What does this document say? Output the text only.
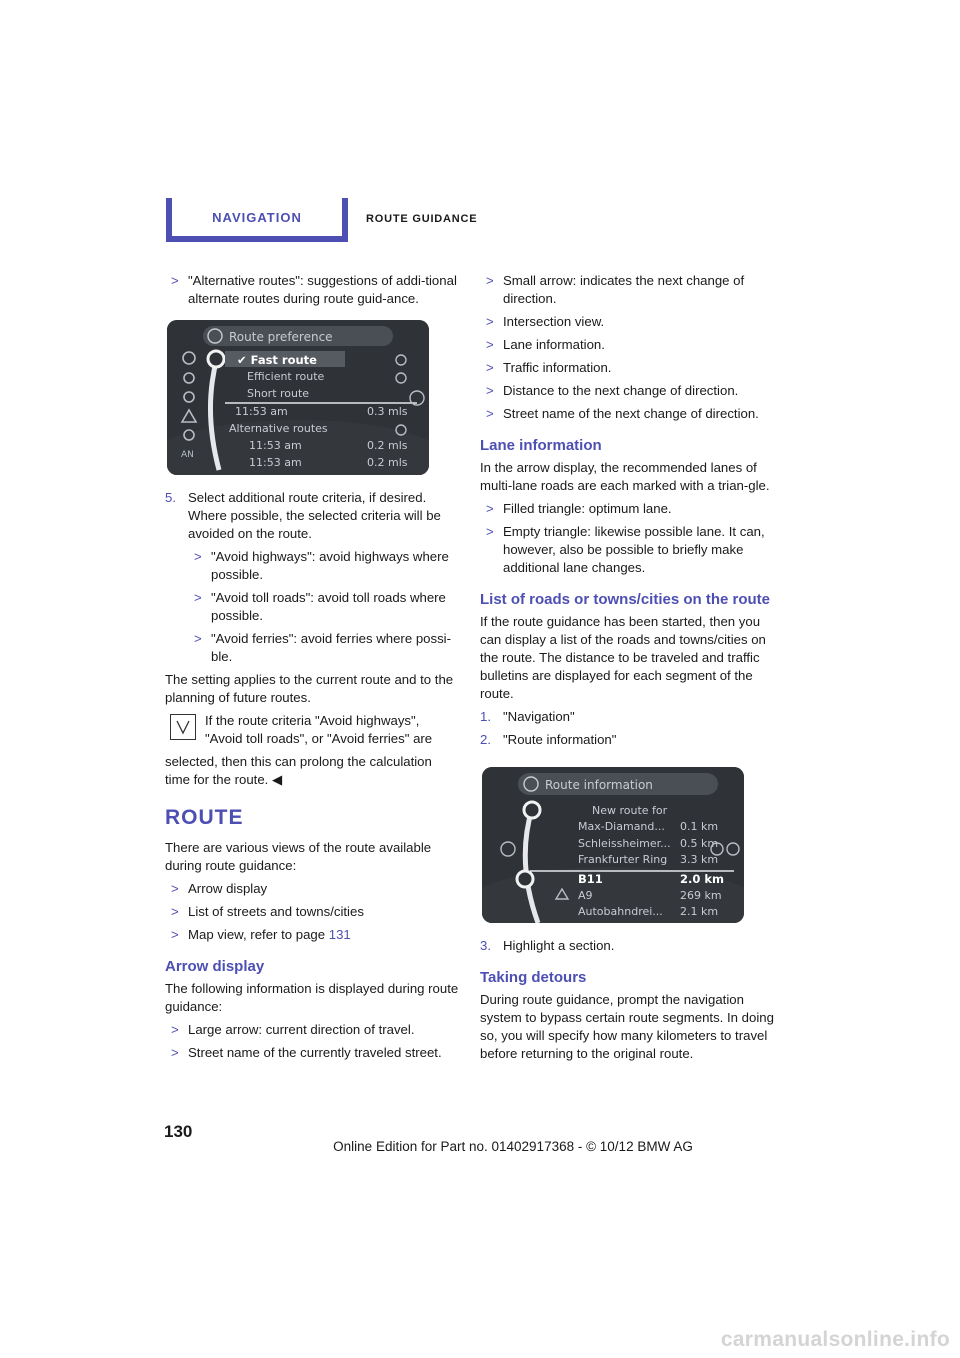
NAVIGATION	ROUTE GUIDANCE
> "Alternative routes": suggestions of addi-tional alternate routes during route guid-ance.
AN
Route preference
✔ Fast route
Efficient route
Short route
11:53 am	0.3 mls
Alternative routes
11:53 am	0.2 mls
11:53 am	0.2 mls
5. Select additional route criteria, if desired. Where possible, the selected criteria will be avoided on the route.
> "Avoid highways": avoid highways where possible.
> "Avoid toll roads": avoid toll roads where possible.
> "Avoid ferries": avoid ferries where possi-ble.

The setting applies to the current route and to the planning of future routes.

If the route criteria "Avoid highways",
"Avoid toll roads", or "Avoid ferries" are

selected, then this can prolong the calculation time for the route. ◀

ROUTE

There are various views of the route available during route guidance:

> Arrow display
> List of streets and towns/cities
> Map view, refer to page 131
Arrow display

The following information is displayed during route guidance:

> Large arrow: current direction of travel.
> Street name of the currently traveled street.
> Small arrow: indicates the next change of direction.
> Intersection view.
> Lane information.
> Traffic information.
> Distance to the next change of direction.
> Street name of the next change of direction.
Lane information

In the arrow display, the recommended lanes of multi-lane roads are each marked with a trian-gle.

> Filled triangle: optimum lane.
> Empty triangle: likewise possible lane. It can, however, also be possible to briefly make additional lane changes.
List of roads or towns/cities on the route

If the route guidance has been started, then you can display a list of the roads and towns/cities on the route. The distance to be traveled and traffic bulletins are displayed for each segment of the route.

1. "Navigation"
2. "Route information"
Route information
New route for
Max-Diamand... 0.1 km
Schleissheimer... 0.5 km
Frankfurter Ring 3.3 km
B11	2.0 km
A9	269 km
Autobahndrei... 2.1 km
3. Highlight a section.
Taking detours

During route guidance, prompt the navigation system to bypass certain route segments. In doing so, you will specify how many kilometers to travel before returning to the original route.

130
Online Edition for Part no. 01402917368 - © 10/12 BMW AG
carmanualsonline.info
